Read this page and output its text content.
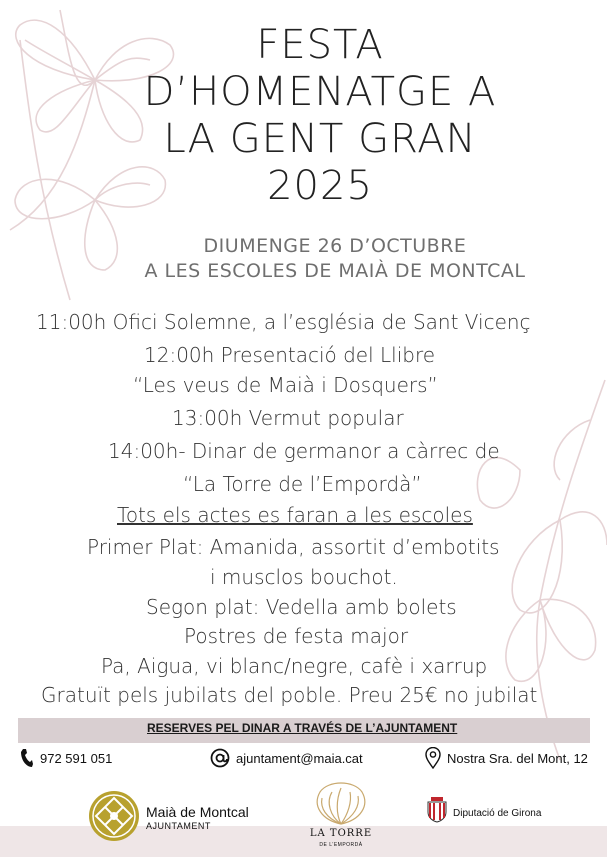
FESTA
D’HOMENATGE A
LA GENT GRAN
2025
DIUMENGE 26 D’OCTUBRE
A LES ESCOLES DE MAIÀ DE MONTCAL
11:00h Ofici Solemne, a l’església de Sant Vicenç
12:00h Presentació del Llibre
“Les veus de Maià i Dosquers”
13:00h Vermut popular
14:00h- Dinar de germanor a càrrec de
“La Torre de l’Empordà”
Tots els actes es faran a les escoles
Primer Plat: Amanida, assortit d’embotits
i musclos bouchot.
Segon plat: Vedella amb bolets
Postres de festa major
Pa, Aigua, vi blanc/negre, cafè i xarrup
Gratuït pels jubilats del poble. Preu 25€ no jubilat
RESERVES PEL DINAR A TRAVÉS DE L’AJUNTAMENT
972 591 051	ajuntament@maia.cat	Nostra Sra. del Mont, 12
Maià de Montcal
AJUNTAMENT
LA TORRE
DE L’EMPORDÀ
Diputació de Girona
